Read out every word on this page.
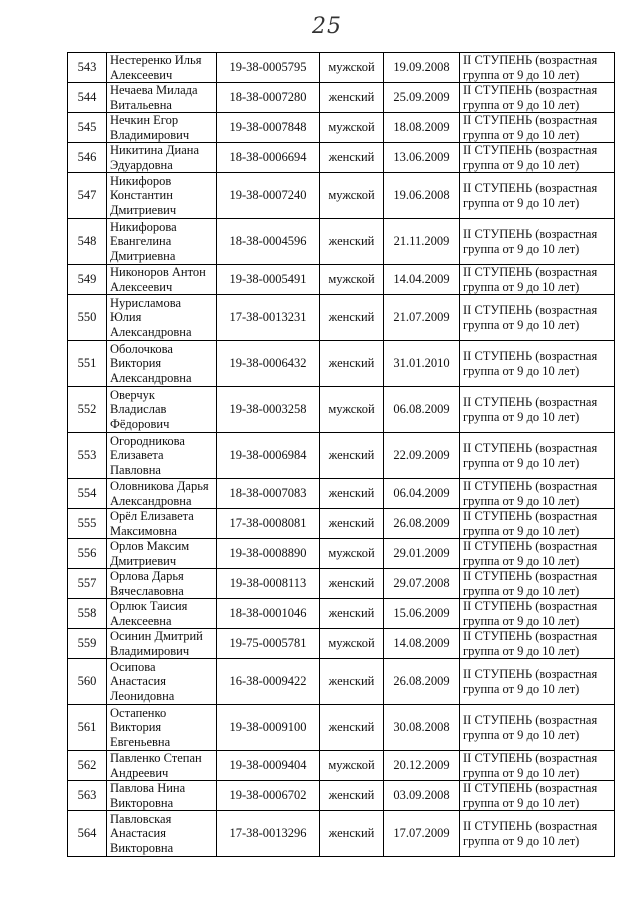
25
543	Нестеренко Илья
Алексеевич	19-38-0005795	мужской	19.09.2008	II СТУПЕНЬ (возрастная
группа от 9 до 10 лет)

544	Нечаева Милада
Витальевна	18-38-0007280	женский	25.09.2009	II СТУПЕНЬ (возрастная
группа от 9 до 10 лет)

545	Нечкин Егор
Владимирович	19-38-0007848	мужской	18.08.2009	II СТУПЕНЬ (возрастная
группа от 9 до 10 лет)

546	Никитина Диана
Эдуардовна	18-38-0006694	женский	13.06.2009	II СТУПЕНЬ (возрастная
группа от 9 до 10 лет)

547	Никифоров
Константин
Дмитриевич	19-38-0007240	мужской	19.06.2008	II СТУПЕНЬ (возрастная
группа от 9 до 10 лет)

548	Никифорова
Евангелина
Дмитриевна	18-38-0004596	женский	21.11.2009	II СТУПЕНЬ (возрастная
группа от 9 до 10 лет)

549	Никоноров Антон
Алексеевич	19-38-0005491	мужской	14.04.2009	II СТУПЕНЬ (возрастная
группа от 9 до 10 лет)

550	Нурисламова
Юлия
Александровна	17-38-0013231	женский	21.07.2009	II СТУПЕНЬ (возрастная
группа от 9 до 10 лет)

551	Оболочкова
Виктория
Александровна	19-38-0006432	женский	31.01.2010	II СТУПЕНЬ (возрастная
группа от 9 до 10 лет)

552	Оверчук
Владислав
Фёдорович	19-38-0003258	мужской	06.08.2009	II СТУПЕНЬ (возрастная
группа от 9 до 10 лет)

553	Огородникова
Елизавета
Павловна	19-38-0006984	женский	22.09.2009	II СТУПЕНЬ (возрастная
группа от 9 до 10 лет)

554	Оловникова Дарья
Александровна	18-38-0007083	женский	06.04.2009	II СТУПЕНЬ (возрастная
группа от 9 до 10 лет)

555	Орёл Елизавета
Максимовна	17-38-0008081	женский	26.08.2009	II СТУПЕНЬ (возрастная
группа от 9 до 10 лет)

556	Орлов Максим
Дмитриевич	19-38-0008890	мужской	29.01.2009	II СТУПЕНЬ (возрастная
группа от 9 до 10 лет)

557	Орлова Дарья
Вячеславовна	19-38-0008113	женский	29.07.2008	II СТУПЕНЬ (возрастная
группа от 9 до 10 лет)

558	Орлюк Таисия
Алексеевна	18-38-0001046	женский	15.06.2009	II СТУПЕНЬ (возрастная
группа от 9 до 10 лет)

559	Осинин Дмитрий
Владимирович	19-75-0005781	мужской	14.08.2009	II СТУПЕНЬ (возрастная
группа от 9 до 10 лет)

560	Осипова
Анастасия
Леонидовна	16-38-0009422	женский	26.08.2009	II СТУПЕНЬ (возрастная
группа от 9 до 10 лет)

561	Остапенко
Виктория
Евгеньевна	19-38-0009100	женский	30.08.2008	II СТУПЕНЬ (возрастная
группа от 9 до 10 лет)

562	Павленко Степан
Андреевич	19-38-0009404	мужской	20.12.2009	II СТУПЕНЬ (возрастная
группа от 9 до 10 лет)

563	Павлова Нина
Викторовна	19-38-0006702	женский	03.09.2008	II СТУПЕНЬ (возрастная
группа от 9 до 10 лет)

564	Павловская
Анастасия
Викторовна	17-38-0013296	женский	17.07.2009	II СТУПЕНЬ (возрастная
группа от 9 до 10 лет)
